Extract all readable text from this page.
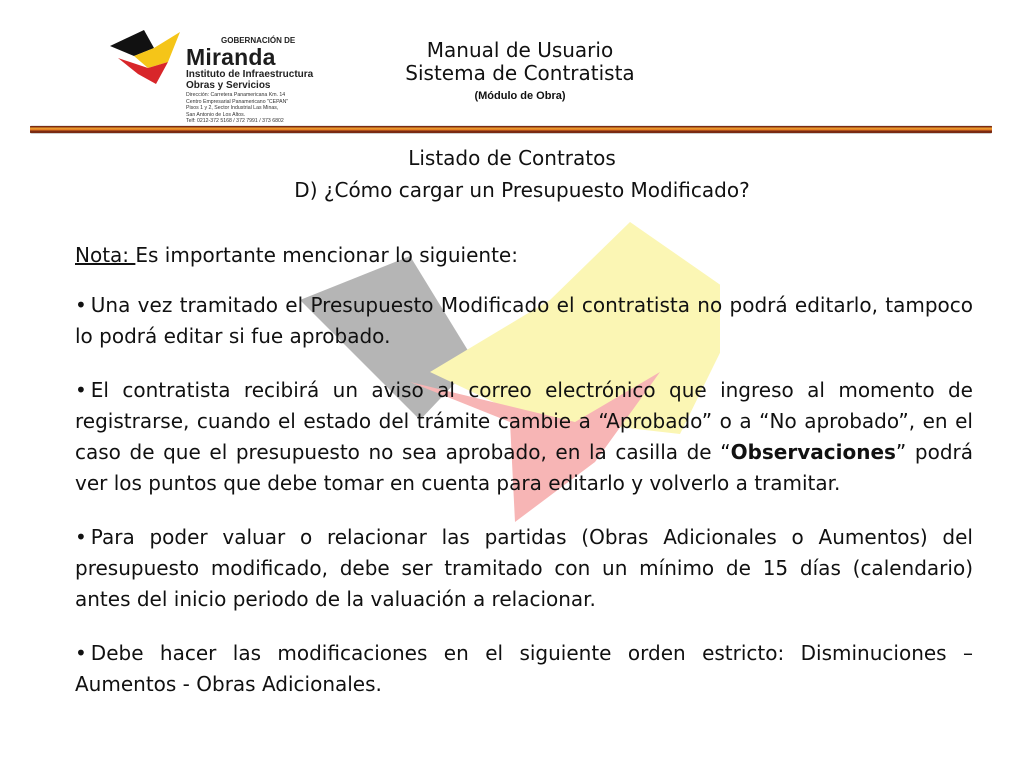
GOBERNACIÓN DE
Miranda
Instituto de Infraestructura
Obras y Servicios
Dirección: Carretera Panamericana Km. 14
Centro Empresarial Panamericano "CEPAN"
Pisos 1 y 2, Sector Industrial Las Minas,
San Antonio de Los Altos.
Telf: 0212-372 5168 / 372 7991 / 373 6802
Manual de Usuario
Sistema de Contratista
(Módulo de Obra)
Listado de Contratos
D) ¿Cómo cargar un Presupuesto Modificado?

Nota: Es importante mencionar lo siguiente:

• Una vez tramitado el Presupuesto Modificado el contratista no podrá editarlo, tampoco lo podrá editar si fue aprobado.

• El contratista recibirá un aviso al correo electrónico que ingreso al momento de registrarse, cuando el estado del trámite cambie a “Aprobado” o a “No aprobado”, en el caso de que el presupuesto no sea aprobado, en la casilla de “Observaciones” podrá ver los puntos que debe tomar en cuenta para editarlo y volverlo a tramitar.

• Para poder valuar o relacionar las partidas (Obras Adicionales o Aumentos) del presupuesto modificado, debe ser tramitado con un mínimo de 15 días (calendario) antes del inicio periodo de la valuación a relacionar.

• Debe hacer las modificaciones en el siguiente orden estricto: Disminuciones – Aumentos - Obras Adicionales.
